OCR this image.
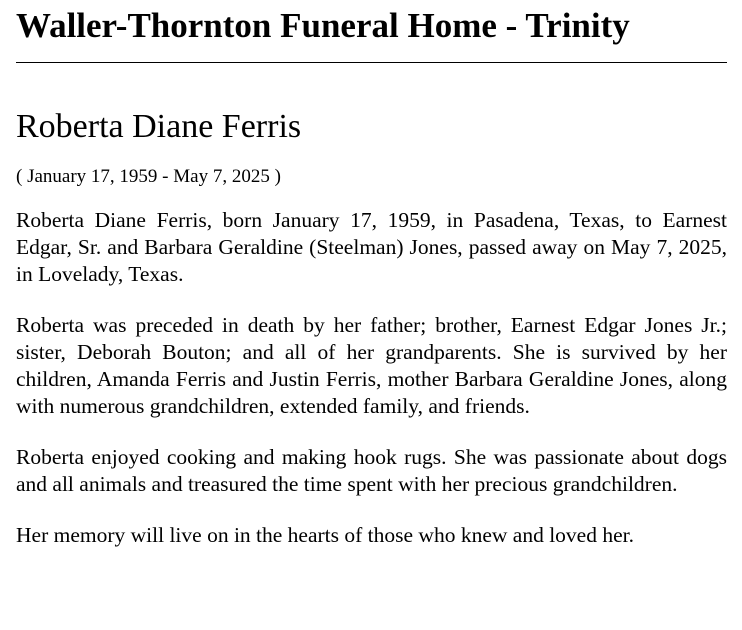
Waller-Thornton Funeral Home - Trinity
Roberta Diane Ferris
( January 17, 1959 - May 7, 2025 )

Roberta Diane Ferris, born January 17, 1959, in Pasadena, Texas, to Earnest Edgar, Sr. and Barbara Geraldine (Steelman) Jones, passed away on May 7, 2025, in Lovelady, Texas.

Roberta was preceded in death by her father; brother, Earnest Edgar Jones Jr.; sister, Deborah Bouton; and all of her grandparents. She is survived by her children, Amanda Ferris and Justin Ferris, mother Barbara Geraldine Jones, along with numerous grandchildren, extended family, and friends.

Roberta enjoyed cooking and making hook rugs. She was passionate about dogs and all animals and treasured the time spent with her precious grandchildren.

Her memory will live on in the hearts of those who knew and loved her.
